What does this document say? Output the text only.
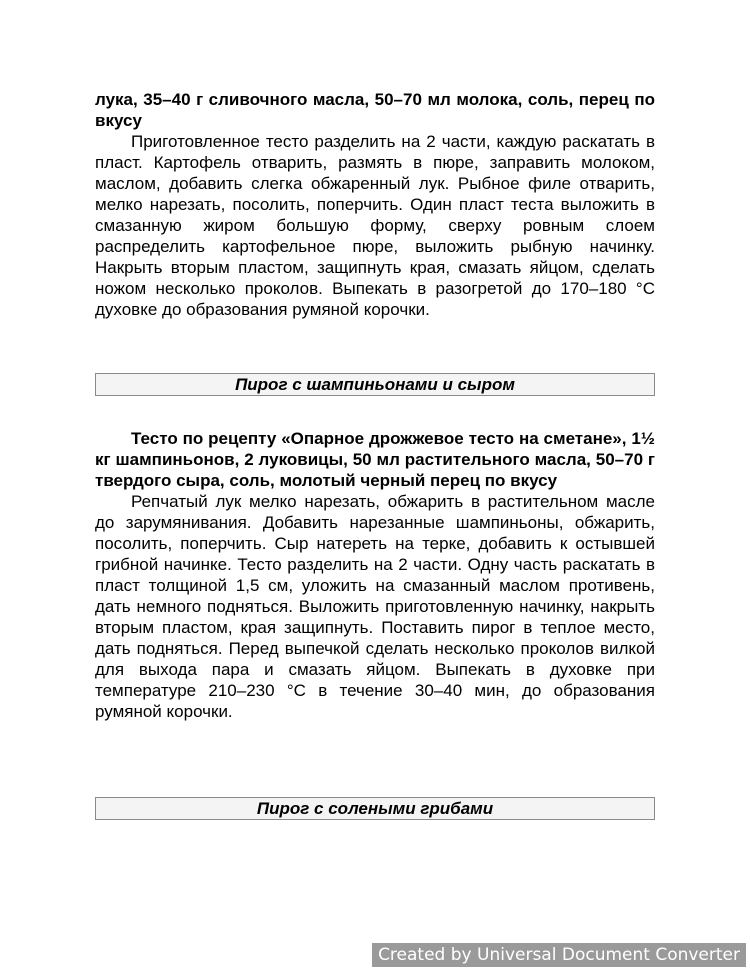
лука, 35–40 г сливочного масла, 50–70 мл молока, соль, перец по вкусу

Приготовленное тесто разделить на 2 части, каждую раскатать в пласт. Картофель отварить, размять в пюре, заправить молоком, маслом, добавить слегка обжаренный лук. Рыбное филе отварить, мелко нарезать, посолить, поперчить. Один пласт теста выложить в смазанную жиром большую форму, сверху ровным слоем распределить картофельное пюре, выложить рыбную начинку. Накрыть вторым пластом, защипнуть края, смазать яйцом, сделать ножом несколько проколов. Выпекать в разогретой до 170–180 °С духовке до образования румяной корочки.

Пирог с шампиньонами и сыром

Тесто по рецепту «Опарное дрожжевое тесто на сметане», 1½ кг шампиньонов, 2 луковицы, 50 мл растительного масла, 50–70 г твердого сыра, соль, молотый черный перец по вкусу

Репчатый лук мелко нарезать, обжарить в растительном масле до зарумянивания. Добавить нарезанные шампиньоны, обжарить, посолить, поперчить. Сыр натереть на терке, добавить к остывшей грибной начинке. Тесто разделить на 2 части. Одну часть раскатать в пласт толщиной 1,5 см, уложить на смазанный маслом противень, дать немного подняться. Выложить приготовленную начинку, накрыть вторым пластом, края защипнуть. Поставить пирог в теплое место, дать подняться. Перед выпечкой сделать несколько проколов вилкой для выхода пара и смазать яйцом. Выпекать в духовке при температуре 210–230 °С в течение 30–40 мин, до образования румяной корочки.

Пирог с солеными грибами
Created by Universal Document Converter
